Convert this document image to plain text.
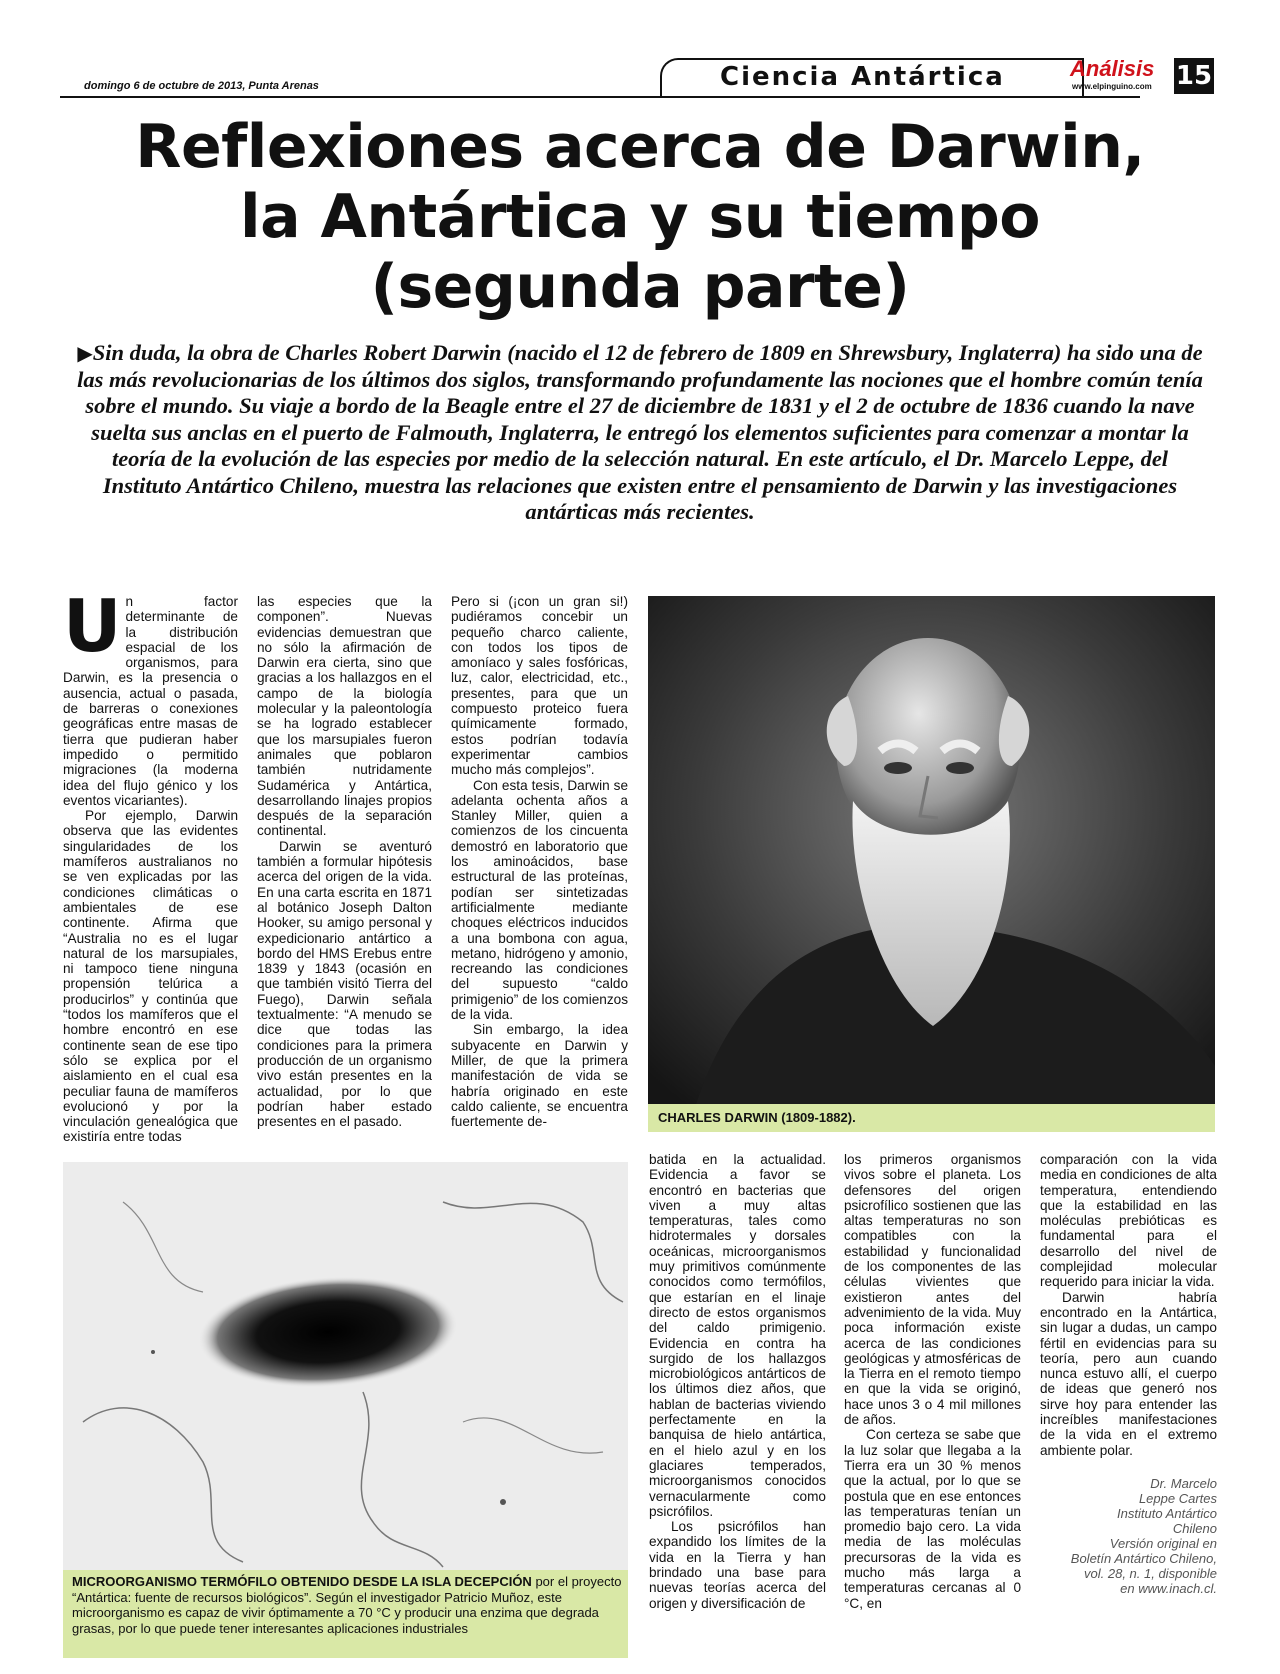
domingo 6 de octubre de 2013, Punta Arenas	Ciencia Antártica	Análisis
www.elpinguino.com 15
Reflexiones acerca de Darwin,
la Antártica y su tiempo
(segunda parte)
▶Sin duda, la obra de Charles Robert Darwin (nacido el 12 de febrero de 1809 en Shrewsbury, Inglaterra) ha sido una de las más revolucionarias de los últimos dos siglos, transformando profundamente las nociones que el hombre común tenía sobre el mundo. Su viaje a bordo de la Beagle entre el 27 de diciembre de 1831 y el 2 de octubre de 1836 cuando la nave suelta sus anclas en el puerto de Falmouth, Inglaterra, le entregó los elementos suficientes para comenzar a montar la teoría de la evolución de las especies por medio de la selección natural. En este artículo, el Dr. Marcelo Leppe, del Instituto Antártico Chileno, muestra las relaciones que existen entre el pensamiento de Darwin y las investigaciones antárticas más recientes.

Un factor determinante de la distribución espacial de los organismos, para Darwin, es la presencia o ausencia, actual o pasada, de barreras o conexiones geográficas entre masas de tierra que pudieran haber impedido o permitido migraciones (la moderna idea del flujo génico y los eventos vicariantes).

Por ejemplo, Darwin observa que las evidentes singularidades de los mamíferos australianos no se ven explicadas por las condiciones climáticas o ambientales de ese continente. Afirma que “Australia no es el lugar natural de los marsupiales, ni tampoco tiene ninguna propensión telúrica a producirlos” y continúa que “todos los mamíferos que el hombre encontró en ese continente sean de ese tipo sólo se explica por el aislamiento en el cual esa peculiar fauna de mamíferos evolucionó y por la vinculación genealógica que existiría entre todas

las especies que la componen”. Nuevas evidencias demuestran que no sólo la afirmación de Darwin era cierta, sino que gracias a los hallazgos en el campo de la biología molecular y la paleontología se ha logrado establecer que los marsupiales fueron animales que poblaron también nutridamente Sudamérica y Antártica, desarrollando linajes propios después de la separación continental.

Darwin se aventuró también a formular hipótesis acerca del origen de la vida. En una carta escrita en 1871 al botánico Joseph Dalton Hooker, su amigo personal y expedicionario antártico a bordo del HMS Erebus entre 1839 y 1843 (ocasión en que también visitó Tierra del Fuego), Darwin señala textualmente: “A menudo se dice que todas las condiciones para la primera producción de un organismo vivo están presentes en la actualidad, por lo que podrían haber estado presentes en el pasado.

Pero si (¡con un gran si!) pudiéramos concebir un pequeño charco caliente, con todos los tipos de amoníaco y sales fosfóricas, luz, calor, electricidad, etc., presentes, para que un compuesto proteico fuera químicamente formado, estos podrían todavía experimentar cambios mucho más complejos”.

Con esta tesis, Darwin se adelanta ochenta años a Stanley Miller, quien a comienzos de los cincuenta demostró en laboratorio que los aminoácidos, base estructural de las proteínas, podían ser sintetizadas artificialmente mediante choques eléctricos inducidos a una bombona con agua, metano, hidrógeno y amonio, recreando las condiciones del supuesto “caldo primigenio” de los comienzos de la vida.

Sin embargo, la idea subyacente en Darwin y Miller, de que la primera manifestación de vida se habría originado en este caldo caliente, se encuentra fuertemente de-	CHARLES DARWIN (1809-1882).
MICROORGANISMO TERMÓFILO OBTENIDO DESDE LA ISLA DECEPCIÓN por el proyecto “Antártica: fuente de recursos biológicos”. Según el investigador Patricio Muñoz, este microorganismo es capaz de vivir óptimamente a 70 °C y producir una enzima que degrada grasas, por lo que puede tener interesantes aplicaciones industriales

batida en la actualidad. Evidencia a favor se encontró en bacterias que viven a muy altas temperaturas, tales como hidrotermales y dorsales oceánicas, microorganismos muy primitivos comúnmente conocidos como termófilos, que estarían en el linaje directo de estos organismos del caldo primigenio. Evidencia en contra ha surgido de los hallazgos microbiológicos antárticos de los últimos diez años, que hablan de bacterias viviendo perfectamente en la banquisa de hielo antártica, en el hielo azul y en los glaciares temperados, microorganismos conocidos vernacularmente como psicrófilos.

Los psicrófilos han expandido los límites de la vida en la Tierra y han brindado una base para nuevas teorías acerca del origen y diversificación de

los primeros organismos vivos sobre el planeta. Los defensores del origen psicrofílico sostienen que las altas temperaturas no son compatibles con la estabilidad y funcionalidad de los componentes de las células vivientes que existieron antes del advenimiento de la vida. Muy poca información existe acerca de las condiciones geológicas y atmosféricas de la Tierra en el remoto tiempo en que la vida se originó, hace unos 3 o 4 mil millones de años.

Con certeza se sabe que la luz solar que llegaba a la Tierra era un 30 % menos que la actual, por lo que se postula que en ese entonces las temperaturas tenían un promedio bajo cero. La vida media de las moléculas precursoras de la vida es mucho más larga a temperaturas cercanas al 0 °C, en

comparación con la vida media en condiciones de alta temperatura, entendiendo que la estabilidad en las moléculas prebióticas es fundamental para el desarrollo del nivel de complejidad molecular requerido para iniciar la vida.

Darwin habría encontrado en la Antártica, sin lugar a dudas, un campo fértil en evidencias para su teoría, pero aun cuando nunca estuvo allí, el cuerpo de ideas que generó nos sirve hoy para entender las increíbles manifestaciones de la vida en el extremo ambiente polar.

Dr. Marcelo
Leppe Cartes
Instituto Antártico
Chileno
Versión original en
Boletín Antártico Chileno,
vol. 28, n. 1, disponible
en www.inach.cl.
